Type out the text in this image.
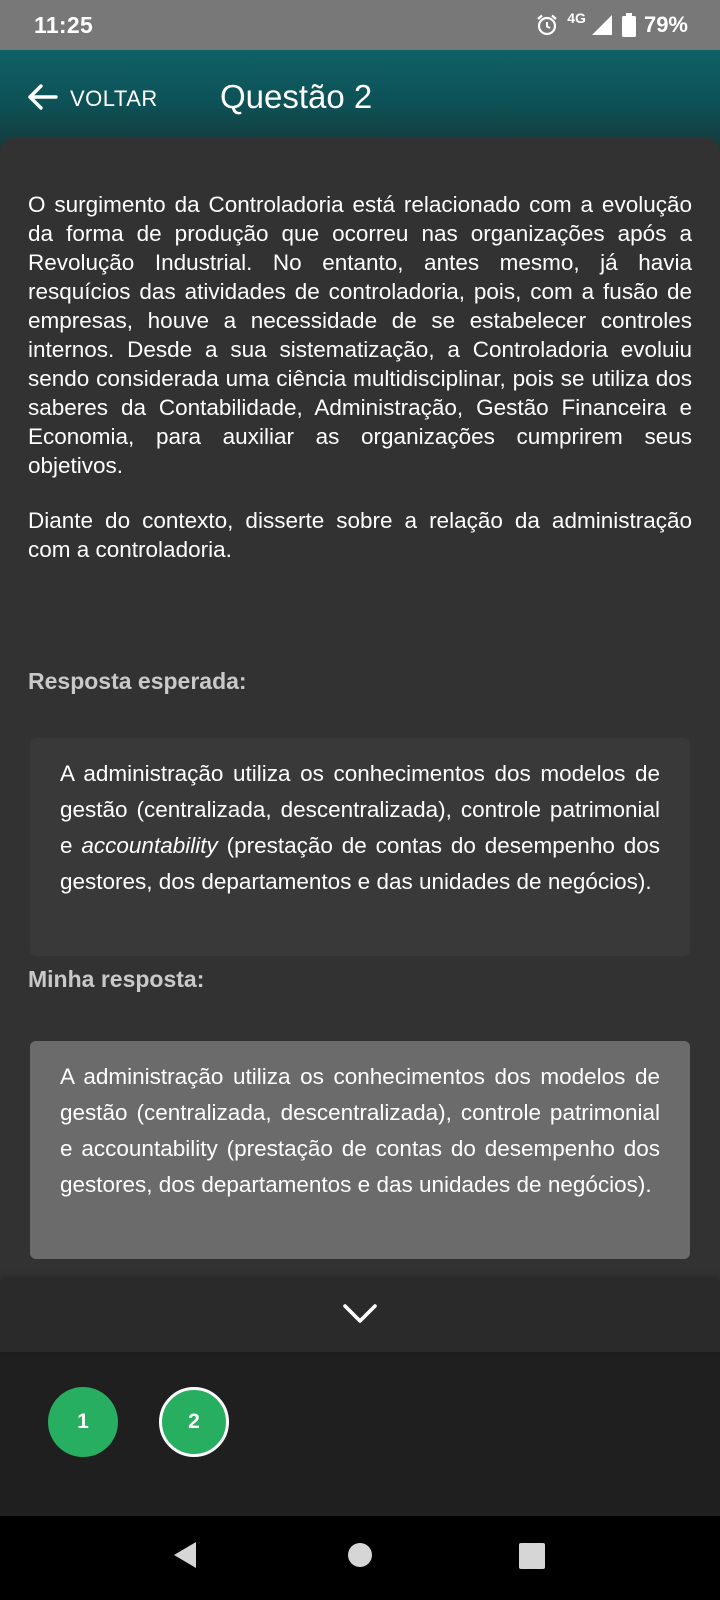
11:25	4G	79%
VOLTAR Questão 2

O surgimento da Controladoria está relacionado com a evolução da forma de produção que ocorreu nas organizações após a Revolução Industrial. No entanto, antes mesmo, já havia resquícios das atividades de controladoria, pois, com a fusão de empresas, houve a necessidade de se estabelecer controles internos. Desde a sua sistematização, a Controladoria evoluiu sendo considerada uma ciência multidisciplinar, pois se utiliza dos saberes da Contabilidade, Administração, Gestão Financeira e Economia, para auxiliar as organizações cumprirem seus objetivos.

Diante do contexto, disserte sobre a relação da administração com a controladoria.

Resposta esperada:
A administração utiliza os conhecimentos dos modelos de gestão (centralizada, descentralizada), controle patrimonial e accountability (prestação de contas do desempenho dos gestores, dos departamentos e das unidades de negócios).
Minha resposta:
A administração utiliza os conhecimentos dos modelos de gestão (centralizada, descentralizada), controle patrimonial e accountability (prestação de contas do desempenho dos gestores, dos departamentos e das unidades de negócios).
1	2
